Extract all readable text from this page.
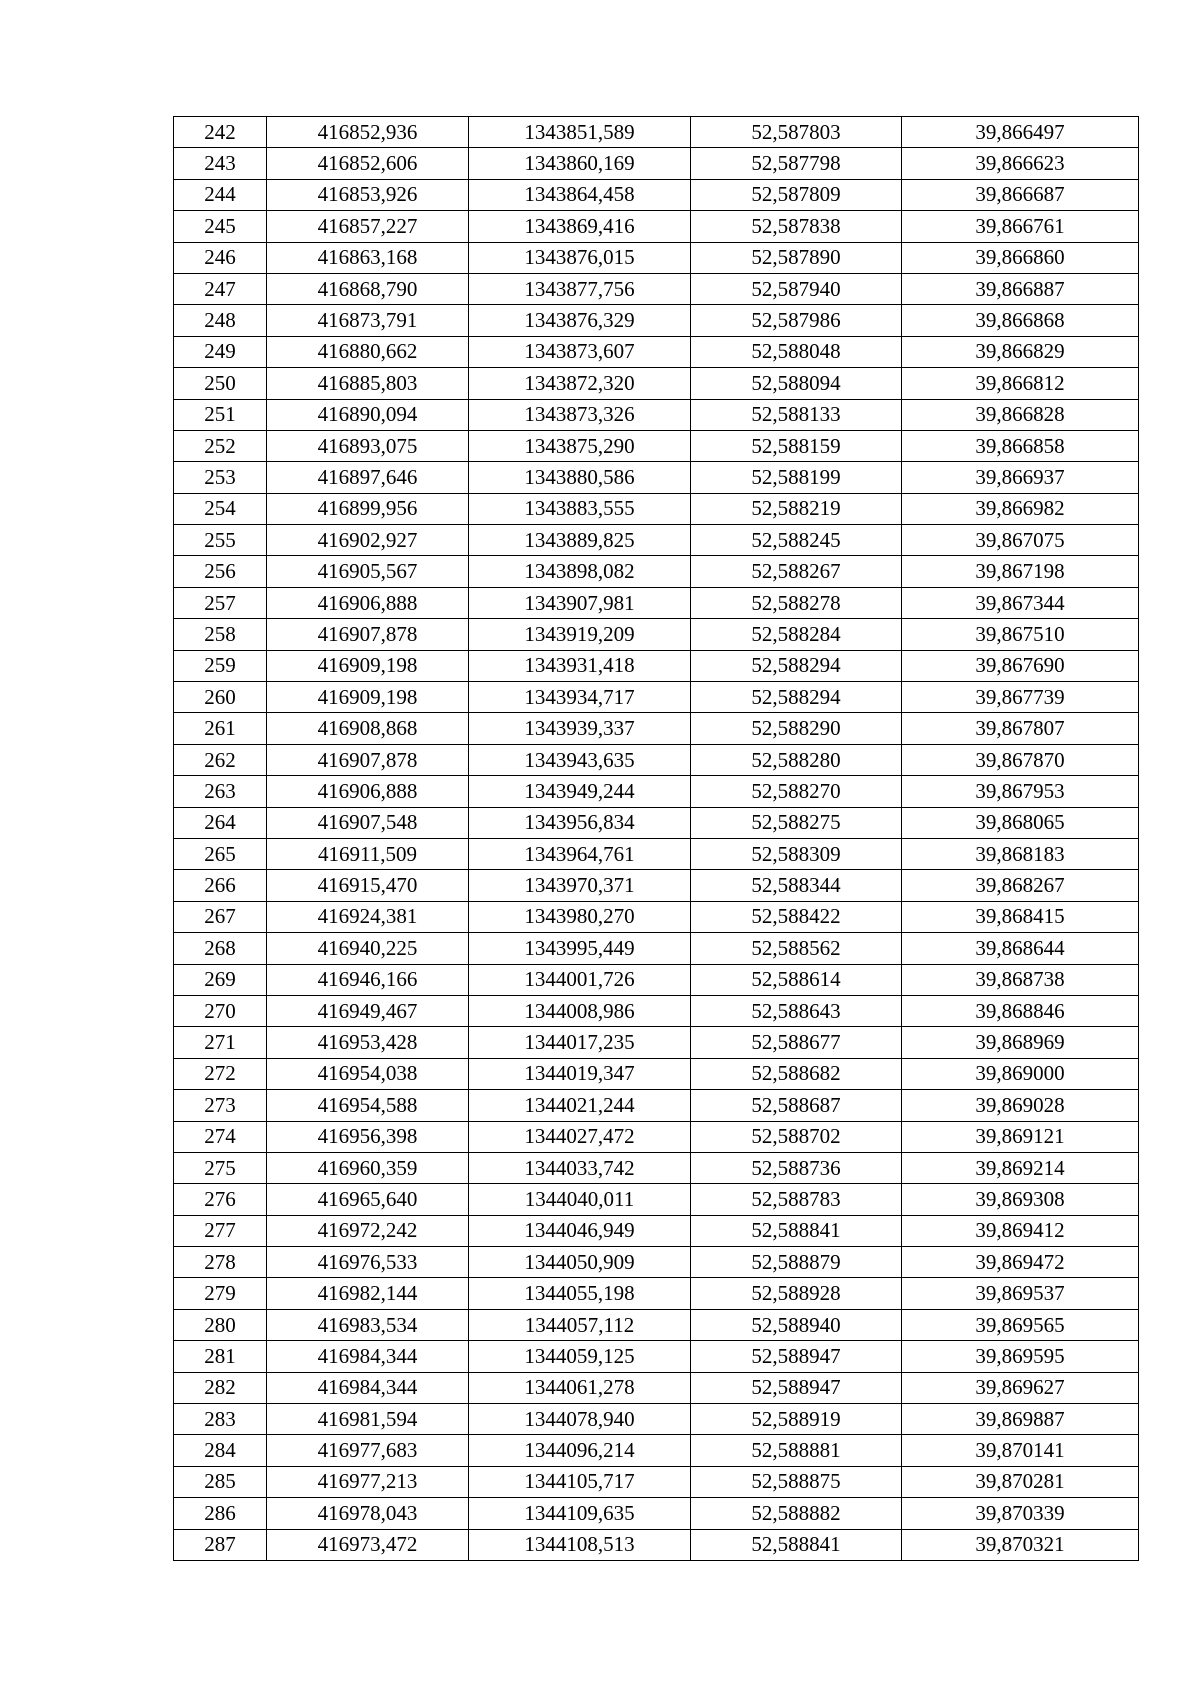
242	416852,936	1343851,589	52,587803	39,866497
243	416852,606	1343860,169	52,587798	39,866623
244	416853,926	1343864,458	52,587809	39,866687
245	416857,227	1343869,416	52,587838	39,866761
246	416863,168	1343876,015	52,587890	39,866860
247	416868,790	1343877,756	52,587940	39,866887
248	416873,791	1343876,329	52,587986	39,866868
249	416880,662	1343873,607	52,588048	39,866829
250	416885,803	1343872,320	52,588094	39,866812
251	416890,094	1343873,326	52,588133	39,866828
252	416893,075	1343875,290	52,588159	39,866858
253	416897,646	1343880,586	52,588199	39,866937
254	416899,956	1343883,555	52,588219	39,866982
255	416902,927	1343889,825	52,588245	39,867075
256	416905,567	1343898,082	52,588267	39,867198
257	416906,888	1343907,981	52,588278	39,867344
258	416907,878	1343919,209	52,588284	39,867510
259	416909,198	1343931,418	52,588294	39,867690
260	416909,198	1343934,717	52,588294	39,867739
261	416908,868	1343939,337	52,588290	39,867807
262	416907,878	1343943,635	52,588280	39,867870
263	416906,888	1343949,244	52,588270	39,867953
264	416907,548	1343956,834	52,588275	39,868065
265	416911,509	1343964,761	52,588309	39,868183
266	416915,470	1343970,371	52,588344	39,868267
267	416924,381	1343980,270	52,588422	39,868415
268	416940,225	1343995,449	52,588562	39,868644
269	416946,166	1344001,726	52,588614	39,868738
270	416949,467	1344008,986	52,588643	39,868846
271	416953,428	1344017,235	52,588677	39,868969
272	416954,038	1344019,347	52,588682	39,869000
273	416954,588	1344021,244	52,588687	39,869028
274	416956,398	1344027,472	52,588702	39,869121
275	416960,359	1344033,742	52,588736	39,869214
276	416965,640	1344040,011	52,588783	39,869308
277	416972,242	1344046,949	52,588841	39,869412
278	416976,533	1344050,909	52,588879	39,869472
279	416982,144	1344055,198	52,588928	39,869537
280	416983,534	1344057,112	52,588940	39,869565
281	416984,344	1344059,125	52,588947	39,869595
282	416984,344	1344061,278	52,588947	39,869627
283	416981,594	1344078,940	52,588919	39,869887
284	416977,683	1344096,214	52,588881	39,870141
285	416977,213	1344105,717	52,588875	39,870281
286	416978,043	1344109,635	52,588882	39,870339
287	416973,472	1344108,513	52,588841	39,870321
